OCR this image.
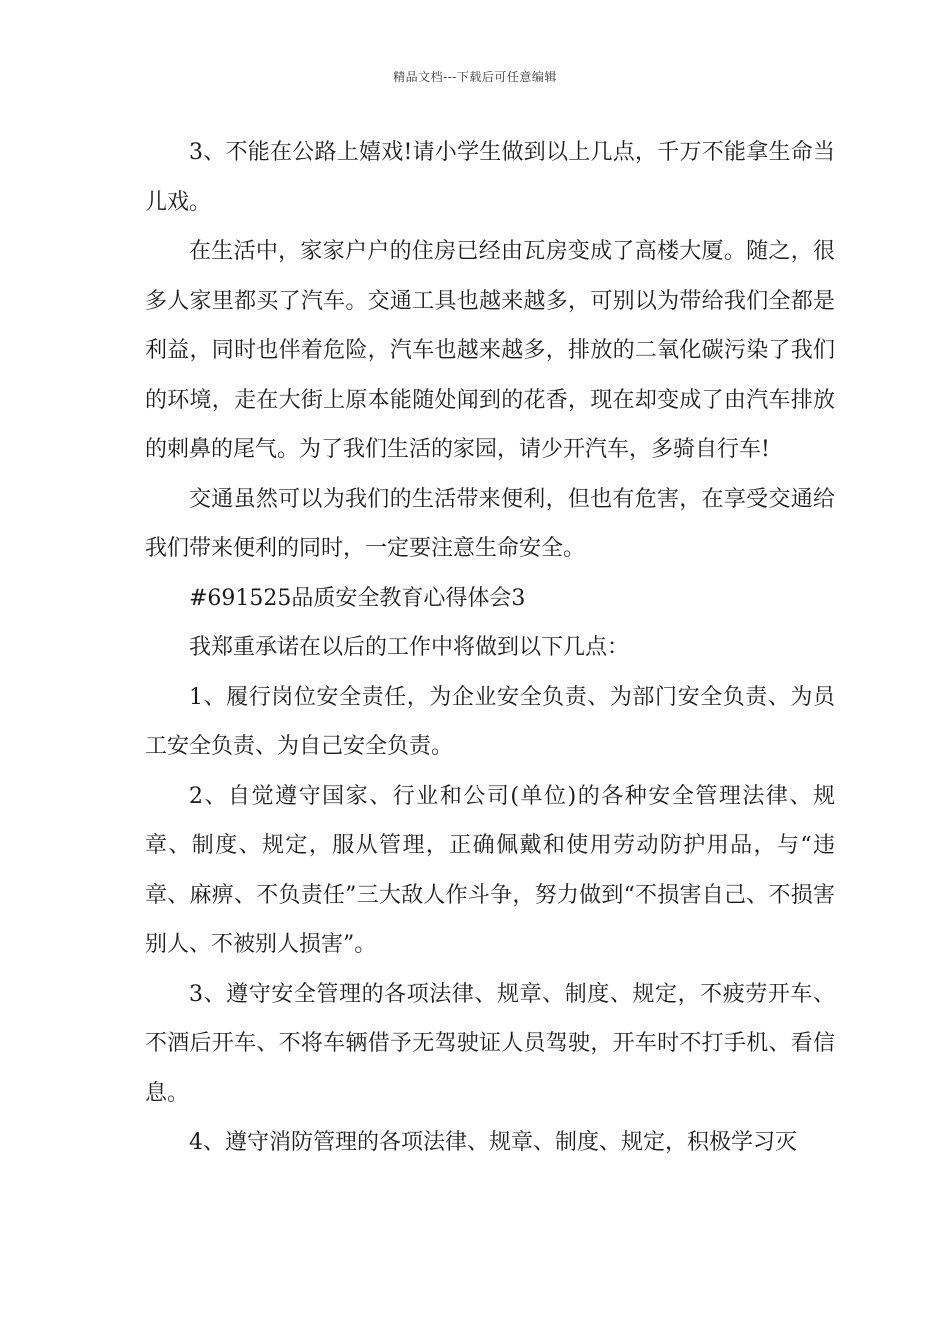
精品文档---下载后可任意编辑

3、不能在公路上嬉戏!请小学生做到以上几点，千万不能拿生命当儿戏。

在生活中，家家户户的住房已经由瓦房变成了高楼大厦。随之，很多人家里都买了汽车。交通工具也越来越多，可别以为带给我们全都是利益，同时也伴着危险，汽车也越来越多，排放的二氧化碳污染了我们的环境，走在大街上原本能随处闻到的花香，现在却变成了由汽车排放的刺鼻的尾气。为了我们生活的家园，请少开汽车，多骑自行车!

交通虽然可以为我们的生活带来便利，但也有危害，在享受交通给我们带来便利的同时，一定要注意生命安全。

#691525品质安全教育心得体会3

我郑重承诺在以后的工作中将做到以下几点：

1、履行岗位安全责任，为企业安全负责、为部门安全负责、为员工安全负责、为自己安全负责。

2、自觉遵守国家、行业和公司(单位)的各种安全管理法律、规章、制度、规定，服从管理，正确佩戴和使用劳动防护用品，与“违章、麻痹、不负责任”三大敌人作斗争，努力做到“不损害自己、不损害别人、不被别人损害”。

3、遵守安全管理的各项法律、规章、制度、规定，不疲劳开车、不酒后开车、不将车辆借予无驾驶证人员驾驶，开车时不打手机、看信息。

4、遵守消防管理的各项法律、规章、制度、规定，积极学习灭
